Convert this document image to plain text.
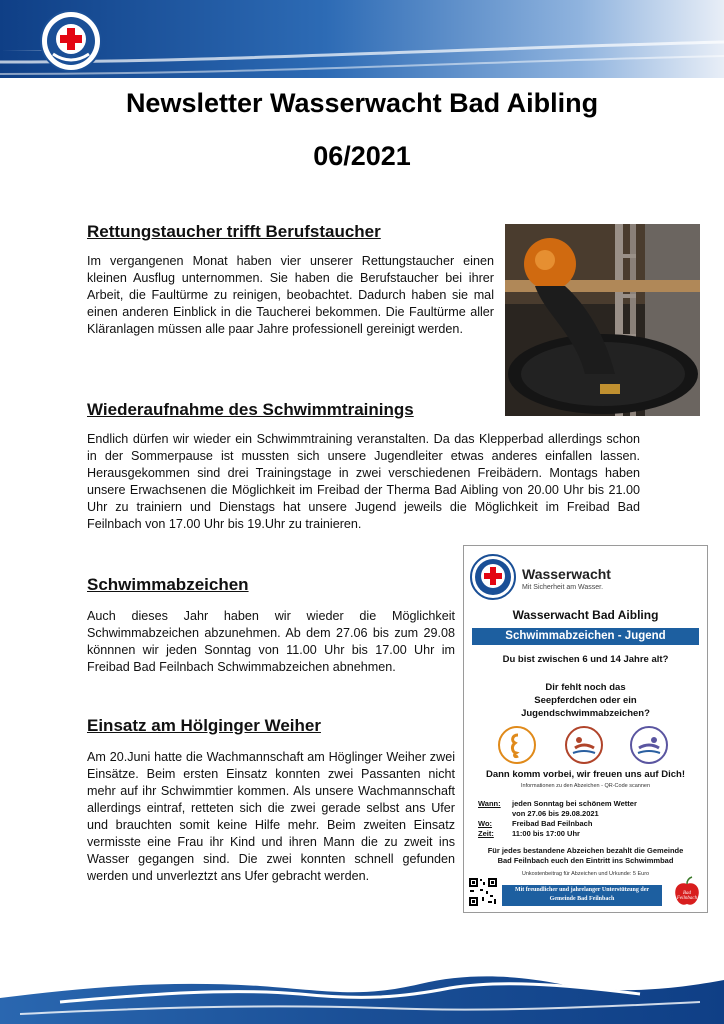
Newsletter Wasserwacht Bad Aibling
06/2021
Rettungstaucher trifft Berufstaucher
Im vergangenen Monat haben vier unserer Rettungstaucher einen kleinen Ausflug unternommen. Sie haben die Berufstaucher bei ihrer Arbeit, die Faultürme zu reinigen, beobachtet. Dadurch haben sie mal einen anderen Einblick in die Taucherei bekommen. Die Faultürme aller Kläranlagen müssen alle paar Jahre professionell gereinigt werden.
Wiederaufnahme des Schwimmtrainings
Endlich dürfen wir wieder ein Schwimmtraining veranstalten. Da das Klepperbad allerdings schon in der Sommerpause ist mussten sich unsere Jugendleiter etwas anderes einfallen lassen. Herausgekommen sind drei Trainingstage in zwei verschiedenen Freibädern. Montags haben unsere Erwachsenen die Möglichkeit im Freibad der Therma Bad Aibling von 20.00 Uhr bis 21.00 Uhr zu trainiern und Dienstags hat unsere Jugend jeweils die Möglichkeit im Freibad Bad Feilnbach von 17.00 Uhr bis 19.Uhr zu trainieren.
Schwimmabzeichen
Auch dieses Jahr haben wir wieder die Möglichkeit Schwimmabzeichen abzunehmen. Ab dem 27.06 bis zum 29.08 könnnen wir jeden Sonntag von 11.00 Uhr bis 17.00 Uhr im Freibad Bad Feilnbach Schwimmabzeichen abnehmen.
Einsatz am Hölginger Weiher
Am 20.Juni hatte die Wachmannschaft am Höglinger Weiher zwei Einsätze. Beim ersten Einsatz konnten zwei Passanten nicht mehr auf ihr Schwimmtier kommen. Als unsere Wachmannschaft allerdings eintraf, retteten sich die zwei gerade selbst ans Ufer und brauchten somit keine Hilfe mehr. Beim zweiten Einsatz vermisste eine Frau ihr Kind und ihren Mann die zu zweit ins Wasser gegangen sind. Die zwei konnten schnell gefunden werden und unverleztzt ans Ufer gebracht werden.
Wasserwacht
Mit Sicherheit am Wasser.
Wasserwacht Bad Aibling
Schwimmabzeichen - Jugend
Du bist zwischen 6 und 14 Jahre alt?
Dir fehlt noch das
Seepferdchen oder ein
Jugendschwimmabzeichen?
Dann komm vorbei, wir freuen uns auf Dich!
Informationen zu den Abzeichen - QR-Code scannen
Wann: jeden Sonntag bei schönem Wetter
von 27.06 bis 29.08.2021
Wo:	Freibad Bad Feilnbach
Zeit: 11:00 bis 17:00 Uhr
Für jedes bestandene Abzeichen bezahlt die Gemeinde
Bad Feilnbach euch den Eintritt ins Schwimmbad
Unkostenbeitrag für Abzeichen und Urkunde: 5 Euro
Mit freundlicher und jahrelanger Unterstützung der
Gemeinde Bad Feilnbach
Bad
Feilnbach
